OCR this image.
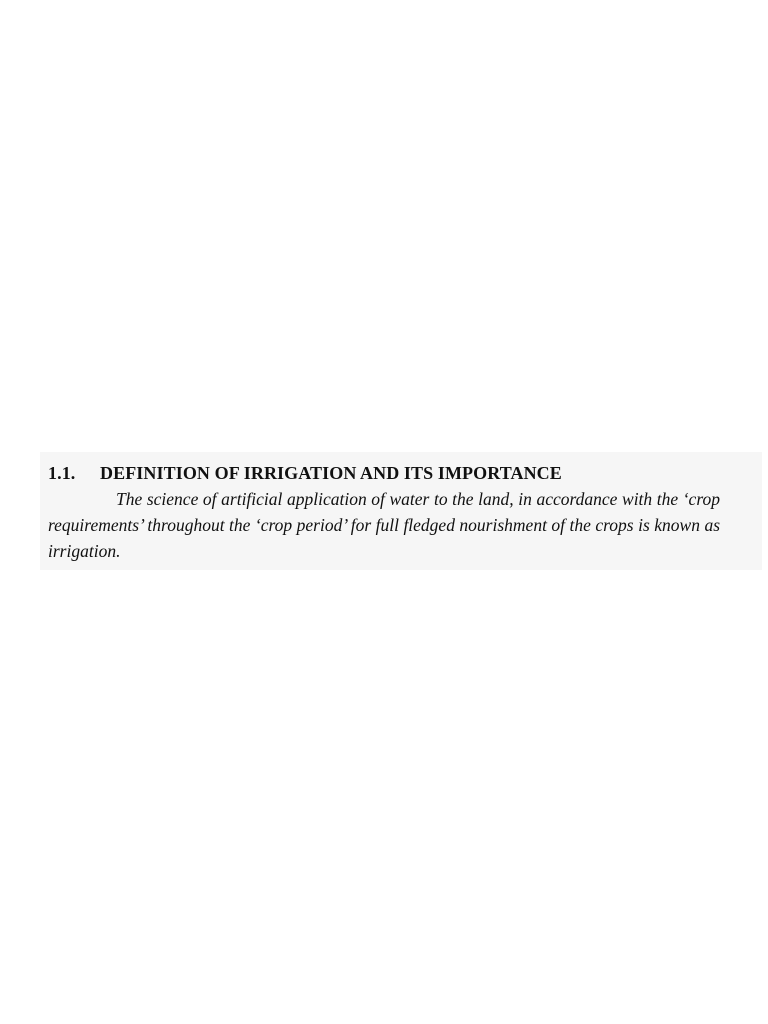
1.1. DEFINITION OF IRRIGATION AND ITS IMPORTANCE

The science of artificial application of water to the land, in accordance with the ‘crop requirements’ throughout the ‘crop period’ for full fledged nourishment of the crops is known as irrigation.
